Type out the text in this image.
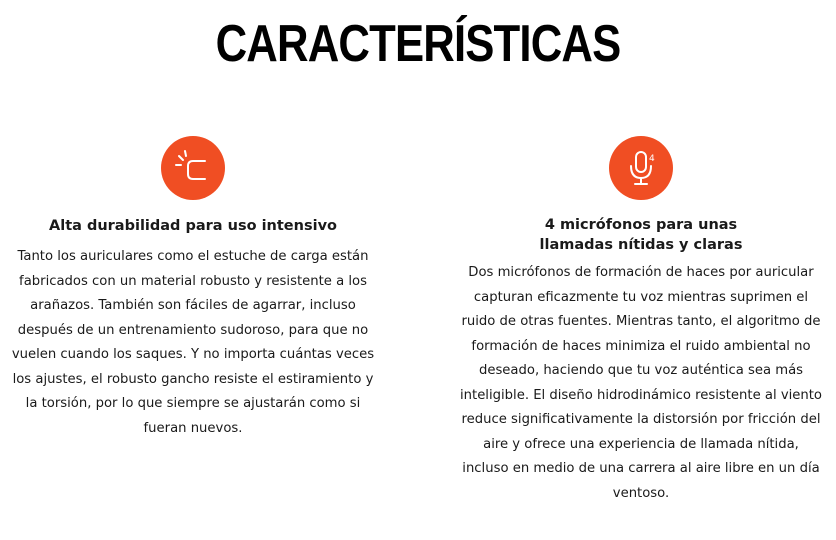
CARACTERÍSTICAS
Alta durabilidad para uso intensivo
Tanto los auriculares como el estuche de carga están fabricados con un material robusto y resistente a los arañazos. También son fáciles de agarrar, incluso después de un entrenamiento sudoroso, para que no vuelen cuando los saques. Y no importa cuántas veces los ajustes, el robusto gancho resiste el estiramiento y la torsión, por lo que siempre se ajustarán como si fueran nuevos.
4
4 micrófonos para unas
llamadas nítidas y claras
Dos micrófonos de formación de haces por auricular capturan eficazmente tu voz mientras suprimen el ruido de otras fuentes. Mientras tanto, el algoritmo de formación de haces minimiza el ruido ambiental no deseado, haciendo que tu voz auténtica sea más inteligible. El diseño hidrodinámico resistente al viento reduce significativamente la distorsión por fricción del aire y ofrece una experiencia de llamada nítida, incluso en medio de una carrera al aire libre en un día ventoso.
